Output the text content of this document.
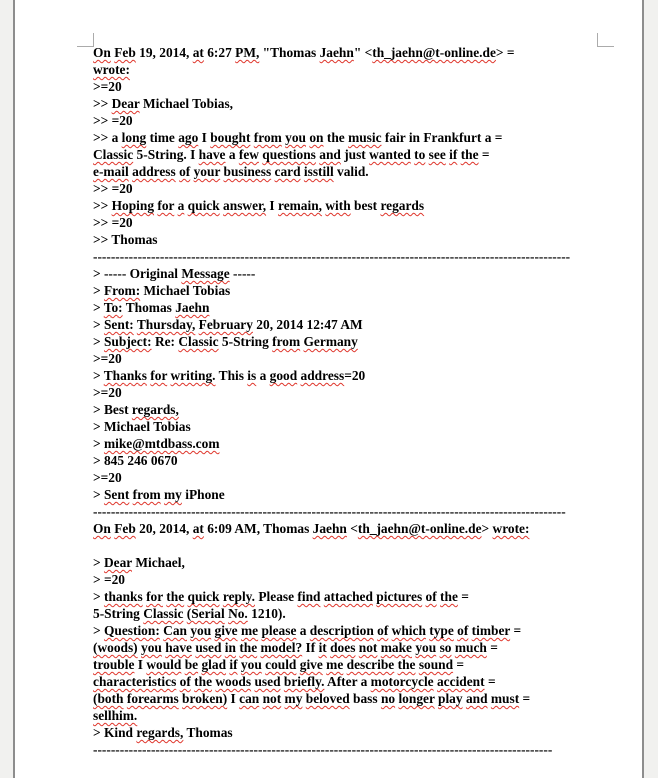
On Feb 19, 2014, at 6:27 PM, "Thomas Jaehn" <th_jaehn@t-online.de> =
wrote:
>=20
>> Dear Michael Tobias,
>> =20
>> a long time ago I bought from you on the music fair in Frankfurt a =
Classic 5-String. I have a few questions and just wanted to see if the =
e-mail address of your business card isstill valid.
>> =20
>> Hoping for a quick answer, I remain, with best regards
>> =20
>> Thomas
-----------------------------------------------------------------------------------------------------------
> ----- Original Message -----
> From: Michael Tobias
> To: Thomas Jaehn
> Sent: Thursday, February 20, 2014 12:47 AM
> Subject: Re: Classic 5-String from Germany
>=20
> Thanks for writing. This is a good address=20
>=20
> Best regards,
> Michael Tobias
> mike@mtdbass.com
> 845 246 0670
>=20
> Sent from my iPhone
----------------------------------------------------------------------------------------------------------
On Feb 20, 2014, at 6:09 AM, Thomas Jaehn <th_jaehn@t-online.de> wrote:

> Dear Michael,
> =20
> thanks for the quick reply. Please find attached pictures of the =
5-String Classic (Serial No. 1210).
> Question: Can you give me please a description of which type of timber =
(woods) you have used in the model? If it does not make you so much =
trouble I would be glad if you could give me describe the sound =
characteristics of the woods used briefly. After a motorcycle accident =
(both forearms broken) I can not my beloved bass no longer play and must =
sellhim.
> Kind regards, Thomas
-------------------------------------------------------------------------------------------------------
